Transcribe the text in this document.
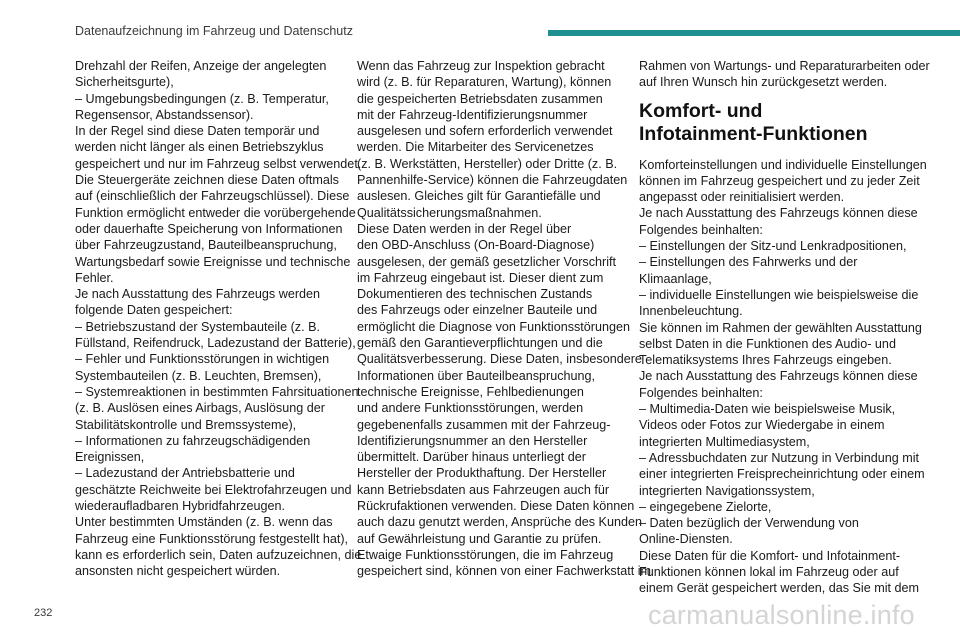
Datenaufzeichnung im Fahrzeug und Datenschutz
Drehzahl der Reifen, Anzeige der angelegten
Sicherheitsgurte),
– Umgebungsbedingungen (z. B. Temperatur,
Regensensor, Abstandssensor).
In der Regel sind diese Daten temporär und
werden nicht länger als einen Betriebszyklus
gespeichert und nur im Fahrzeug selbst verwendet.
Die Steuergeräte zeichnen diese Daten oftmals
auf (einschließlich der Fahrzeugschlüssel). Diese
Funktion ermöglicht entweder die vorübergehende
oder dauerhafte Speicherung von Informationen
über Fahrzeugzustand, Bauteilbeanspruchung,
Wartungsbedarf sowie Ereignisse und technische
Fehler.
Je nach Ausstattung des Fahrzeugs werden
folgende Daten gespeichert:
– Betriebszustand der Systembauteile (z. B.
Füllstand, Reifendruck, Ladezustand der Batterie),
– Fehler und Funktionsstörungen in wichtigen
Systembauteilen (z. B. Leuchten, Bremsen),
– Systemreaktionen in bestimmten Fahrsituationen
(z. B. Auslösen eines Airbags, Auslösung der
Stabilitätskontrolle und Bremssysteme),
– Informationen zu fahrzeugschädigenden
Ereignissen,
– Ladezustand der Antriebsbatterie und
geschätzte Reichweite bei Elektrofahrzeugen und
wiederaufladbaren Hybridfahrzeugen.
Unter bestimmten Umständen (z. B. wenn das
Fahrzeug eine Funktionsstörung festgestellt hat),
kann es erforderlich sein, Daten aufzuzeichnen, die
ansonsten nicht gespeichert würden.
Wenn das Fahrzeug zur Inspektion gebracht
wird (z. B. für Reparaturen, Wartung), können
die gespeicherten Betriebsdaten zusammen
mit der Fahrzeug-Identifizierungsnummer
ausgelesen und sofern erforderlich verwendet
werden. Die Mitarbeiter des Servicenetzes
(z. B. Werkstätten, Hersteller) oder Dritte (z. B.
Pannenhilfe-Service) können die Fahrzeugdaten
auslesen. Gleiches gilt für Garantiefälle und
Qualitätssicherungsmaßnahmen.
Diese Daten werden in der Regel über
den OBD-Anschluss (On-Board-Diagnose)
ausgelesen, der gemäß gesetzlicher Vorschrift
im Fahrzeug eingebaut ist. Dieser dient zum
Dokumentieren des technischen Zustands
des Fahrzeugs oder einzelner Bauteile und
ermöglicht die Diagnose von Funktionsstörungen
gemäß den Garantieverpflichtungen und die
Qualitätsverbesserung. Diese Daten, insbesondere
Informationen über Bauteilbeanspruchung,
technische Ereignisse, Fehlbedienungen
und andere Funktionsstörungen, werden
gegebenenfalls zusammen mit der Fahrzeug-
Identifizierungsnummer an den Hersteller
übermittelt. Darüber hinaus unterliegt der
Hersteller der Produkthaftung. Der Hersteller
kann Betriebsdaten aus Fahrzeugen auch für
Rückrufaktionen verwenden. Diese Daten können
auch dazu genutzt werden, Ansprüche des Kunden
auf Gewährleistung und Garantie zu prüfen.
Etwaige Funktionsstörungen, die im Fahrzeug
gespeichert sind, können von einer Fachwerkstatt im
Rahmen von Wartungs- und Reparaturarbeiten oder
auf Ihren Wunsch hin zurückgesetzt werden.
Komfort- und
Infotainment-Funktionen
Komforteinstellungen und individuelle Einstellungen
können im Fahrzeug gespeichert und zu jeder Zeit
angepasst oder reinitialisiert werden.
Je nach Ausstattung des Fahrzeugs können diese
Folgendes beinhalten:
– Einstellungen der Sitz-und Lenkradpositionen,
– Einstellungen des Fahrwerks und der
Klimaanlage,
– individuelle Einstellungen wie beispielsweise die
Innenbeleuchtung.
Sie können im Rahmen der gewählten Ausstattung
selbst Daten in die Funktionen des Audio- und
Telematiksystems Ihres Fahrzeugs eingeben.
Je nach Ausstattung des Fahrzeugs können diese
Folgendes beinhalten:
– Multimedia-Daten wie beispielsweise Musik,
Videos oder Fotos zur Wiedergabe in einem
integrierten Multimediasystem,
– Adressbuchdaten zur Nutzung in Verbindung mit
einer integrierten Freisprecheinrichtung oder einem
integrierten Navigationssystem,
– eingegebene Zielorte,
– Daten bezüglich der Verwendung von
Online-Diensten.
Diese Daten für die Komfort- und Infotainment-
Funktionen können lokal im Fahrzeug oder auf
einem Gerät gespeichert werden, das Sie mit dem
232	carmanualsonline.info
